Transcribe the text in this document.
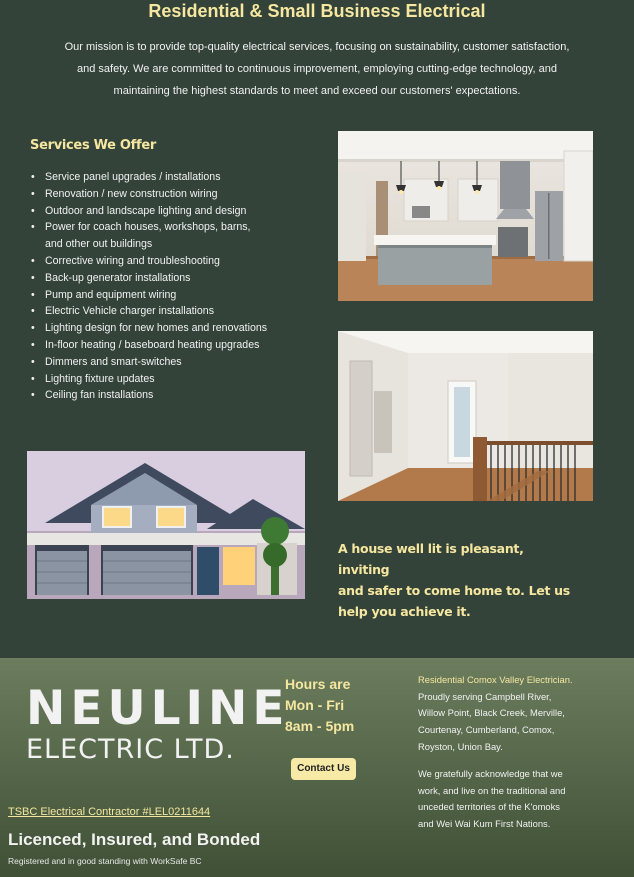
Residential & Small Business Electrical
Our mission is to provide top-quality electrical services, focusing on sustainability, customer satisfaction,
and safety. We are committed to continuous improvement, employing cutting-edge technology, and
maintaining the highest standards to meet and exceed our customers' expectations.
Services We Offer
• Service panel upgrades / installations
• Renovation / new construction wiring
• Outdoor and landscape lighting and design
• Power for coach houses, workshops, barns,
and other out buildings
• Corrective wiring and troubleshooting
• Back-up generator installations
• Pump and equipment wiring
• Electric Vehicle charger installations
• Lighting design for new homes and renovations
• In-floor heating / baseboard heating upgrades
• Dimmers and smart-switches
• Lighting fixture updates
• Ceiling fan installations
A house well lit is pleasant, inviting
and safer to come home to. Let us
help you achieve it.
NEULINE
ELECTRIC LTD.
TSBC Electrical Contractor #LEL0211644
Licenced, Insured, and Bonded
Registered and in good standing with WorkSafe BC
Hours are
Mon - Fri
8am - 5pm
Contact Us
Residential Comox Valley Electrician.
Proudly serving Campbell River,
Willow Point, Black Creek, Merville,
Courtenay, Cumberland, Comox,
Royston, Union Bay.
We gratefully acknowledge that we
work, and live on the traditional and
unceded territories of the K'omoks
and Wei Wai Kum First Nations.
